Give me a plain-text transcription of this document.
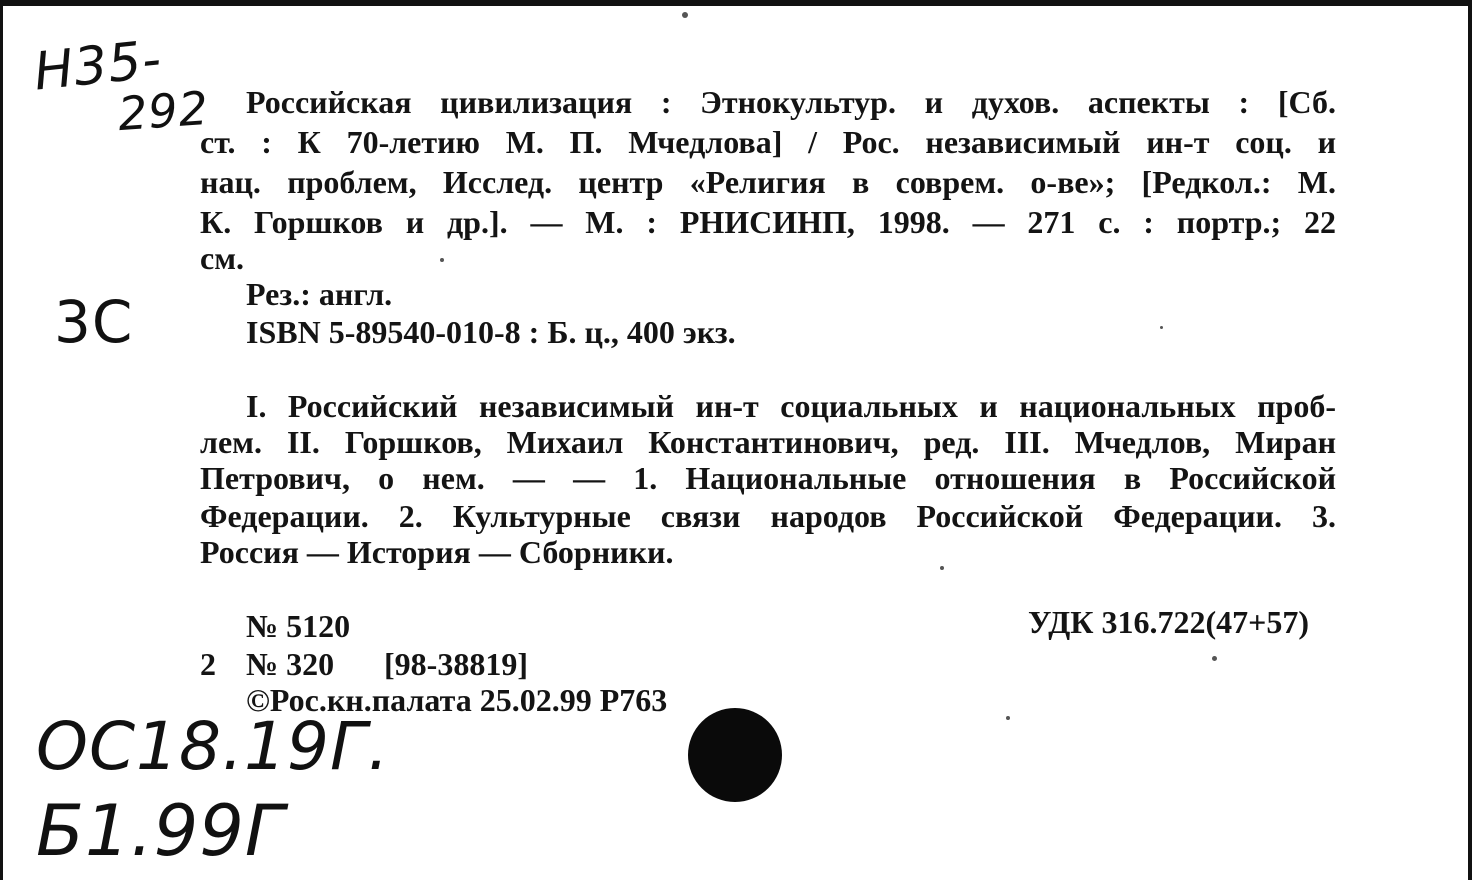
Н35-
292
3С
ОС18.19Г.
Б1.99Г
Российская цивилизация : Этнокультур. и духов. аспекты : [Сб.
ст. : К 70-летию М. П. Мчедлова] / Рос. независимый ин-т соц. и
нац. проблем, Исслед. центр «Религия в соврем. о-ве»; [Редкол.: М.
К. Горшков и др.]. — М. : РНИСИНП, 1998. — 271 с. : портр.; 22
см.
Рез.: англ.
ISBN 5-89540-010-8 : Б. ц., 400 экз.
I. Российский независимый ин-т социальных и национальных проб-
лем. II. Горшков, Михаил Константинович, ред. III. Мчедлов, Миран
Петрович, о нем. — — 1. Национальные отношения в Российской
Федерации. 2. Культурные связи народов Российской Федерации. 3.
Россия — История — Сборники.
№ 5120	УДК 316.722(47+57)
2 № 320 [98-38819]
©Рос.кн.палата 25.02.99 Р763
